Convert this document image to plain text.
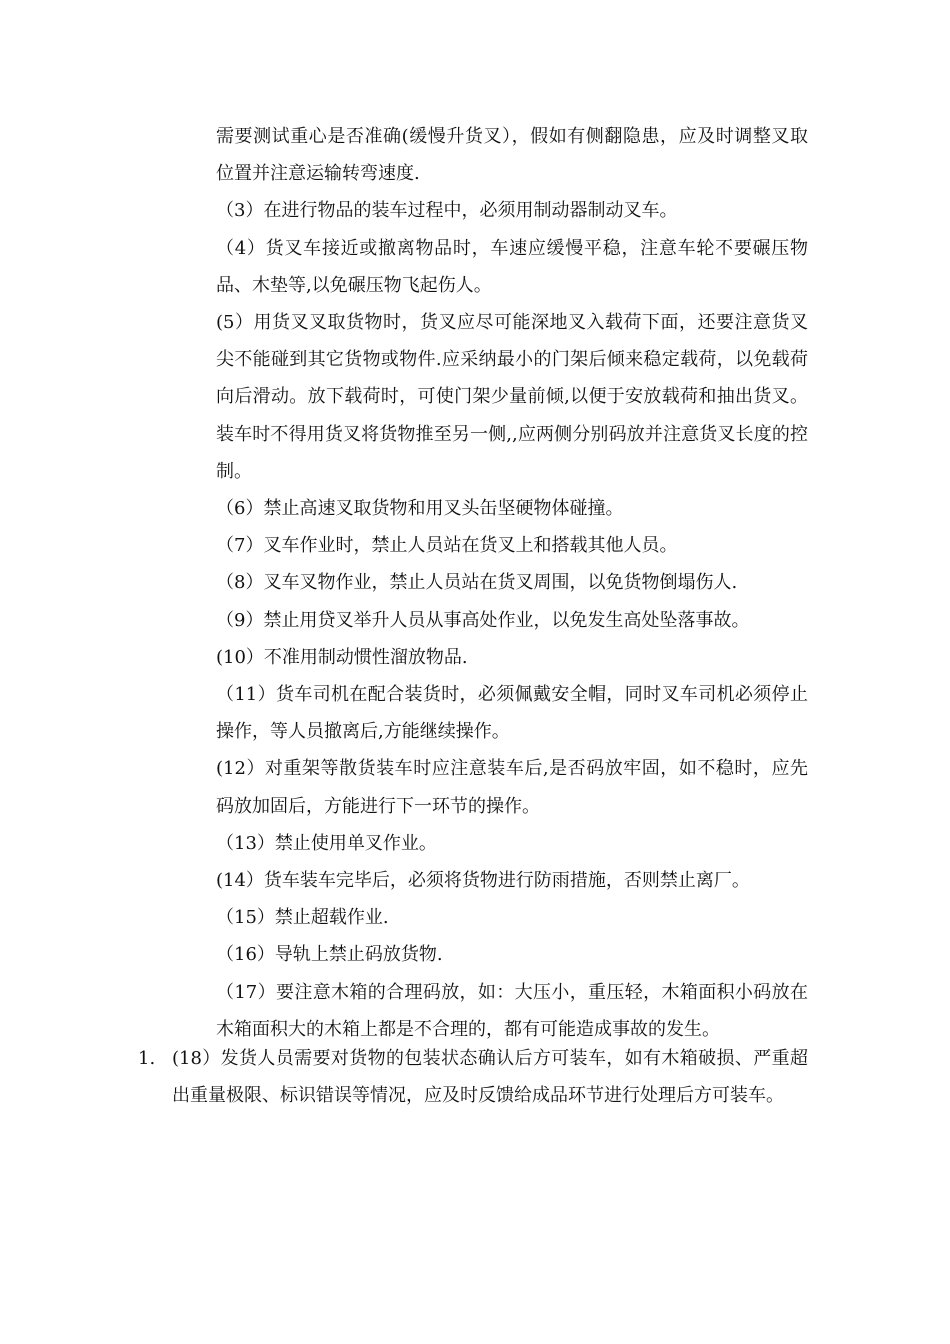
需要测试重心是否准确(缓慢升货叉），假如有侧翻隐患，应及时调整叉取位置并注意运输转弯速度.

（3）在进行物品的装车过程中，必须用制动器制动叉车。

（4）货叉车接近或撤离物品时，车速应缓慢平稳，注意车轮不要碾压物品、木垫等,以免碾压物飞起伤人。

(5）用货叉叉取货物时，货叉应尽可能深地叉入载荷下面，还要注意货叉尖不能碰到其它货物或物件.应采纳最小的门架后倾来稳定载荷，以免载荷向后滑动。放下载荷时，可使门架少量前倾,以便于安放载荷和抽出货叉。装车时不得用货叉将货物推至另一侧,,应两侧分别码放并注意货叉长度的控制。

（6）禁止高速叉取货物和用叉头缶坚硬物体碰撞。

（7）叉车作业时，禁止人员站在货叉上和搭载其他人员。

（8）叉车叉物作业，禁止人员站在货叉周围，以免货物倒塌伤人.

（9）禁止用贷叉举升人员从事高处作业，以免发生高处坠落事故。

(10）不准用制动惯性溜放物品.

（11）货车司机在配合装货时，必须佩戴安全帽，同时叉车司机必须停止操作，等人员撤离后,方能继续操作。

(12）对重架等散货装车时应注意装车后,是否码放牢固，如不稳时，应先码放加固后，方能进行下一环节的操作。

（13）禁止使用单叉作业。

(14）货车装车完毕后，必须将货物进行防雨措施，否则禁止离厂。

（15）禁止超载作业.

（16）导轨上禁止码放货物.

（17）要注意木箱的合理码放，如：大压小，重压轻，木箱面积小码放在木箱面积大的木箱上都是不合理的，都有可能造成事故的发生。

1. (18）发货人员需要对货物的包装状态确认后方可装车，如有木箱破损、严重超出重量极限、标识错误等情况，应及时反馈给成品环节进行处理后方可装车。
